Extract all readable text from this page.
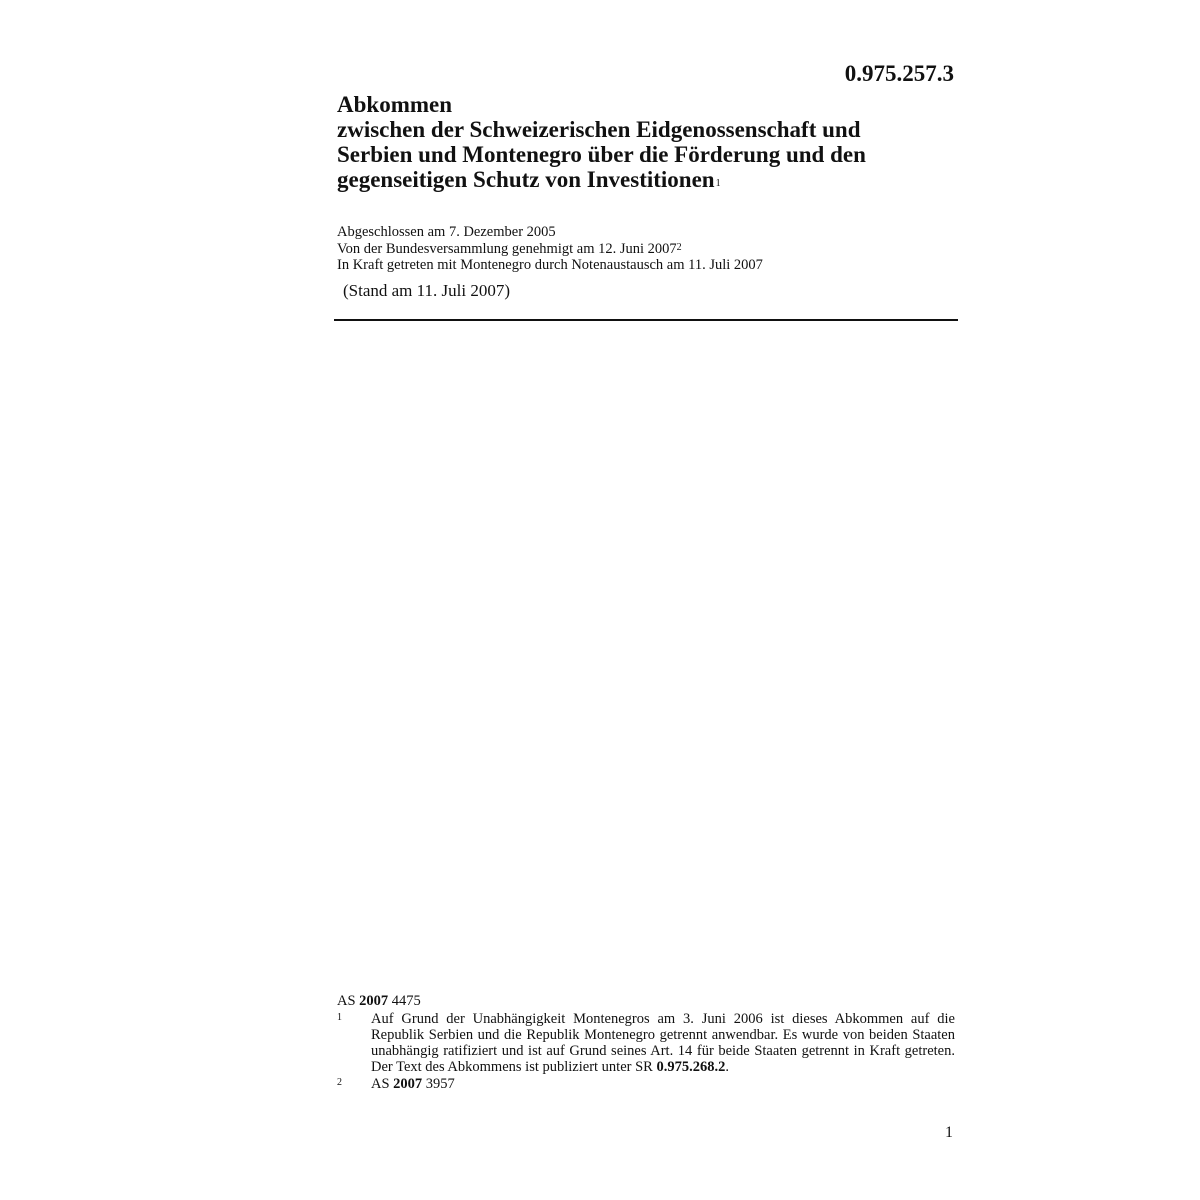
0.975.257.3
Abkommen
zwischen der Schweizerischen Eidgenossenschaft und
Serbien und Montenegro über die Förderung und den
gegenseitigen Schutz von Investitionen$^1$
Abgeschlossen am 7. Dezember 2005
Von der Bundesversammlung genehmigt am 12. Juni 2007$^2$
In Kraft getreten mit Montenegro durch Notenaustausch am 11. Juli 2007
(Stand am 11. Juli 2007)
AS 2007 4475
1 Auf Grund der Unabhängigkeit Montenegros am 3. Juni 2006 ist dieses Abkommen auf die Republik Serbien und die Republik Montenegro getrennt anwendbar. Es wurde von beiden Staaten unabhängig ratifiziert und ist auf Grund seines Art. 14 für beide Staaten getrennt in Kraft getreten. Der Text des Abkommens ist publiziert unter SR 0.975.268.2.
2 AS 2007 3957
1
